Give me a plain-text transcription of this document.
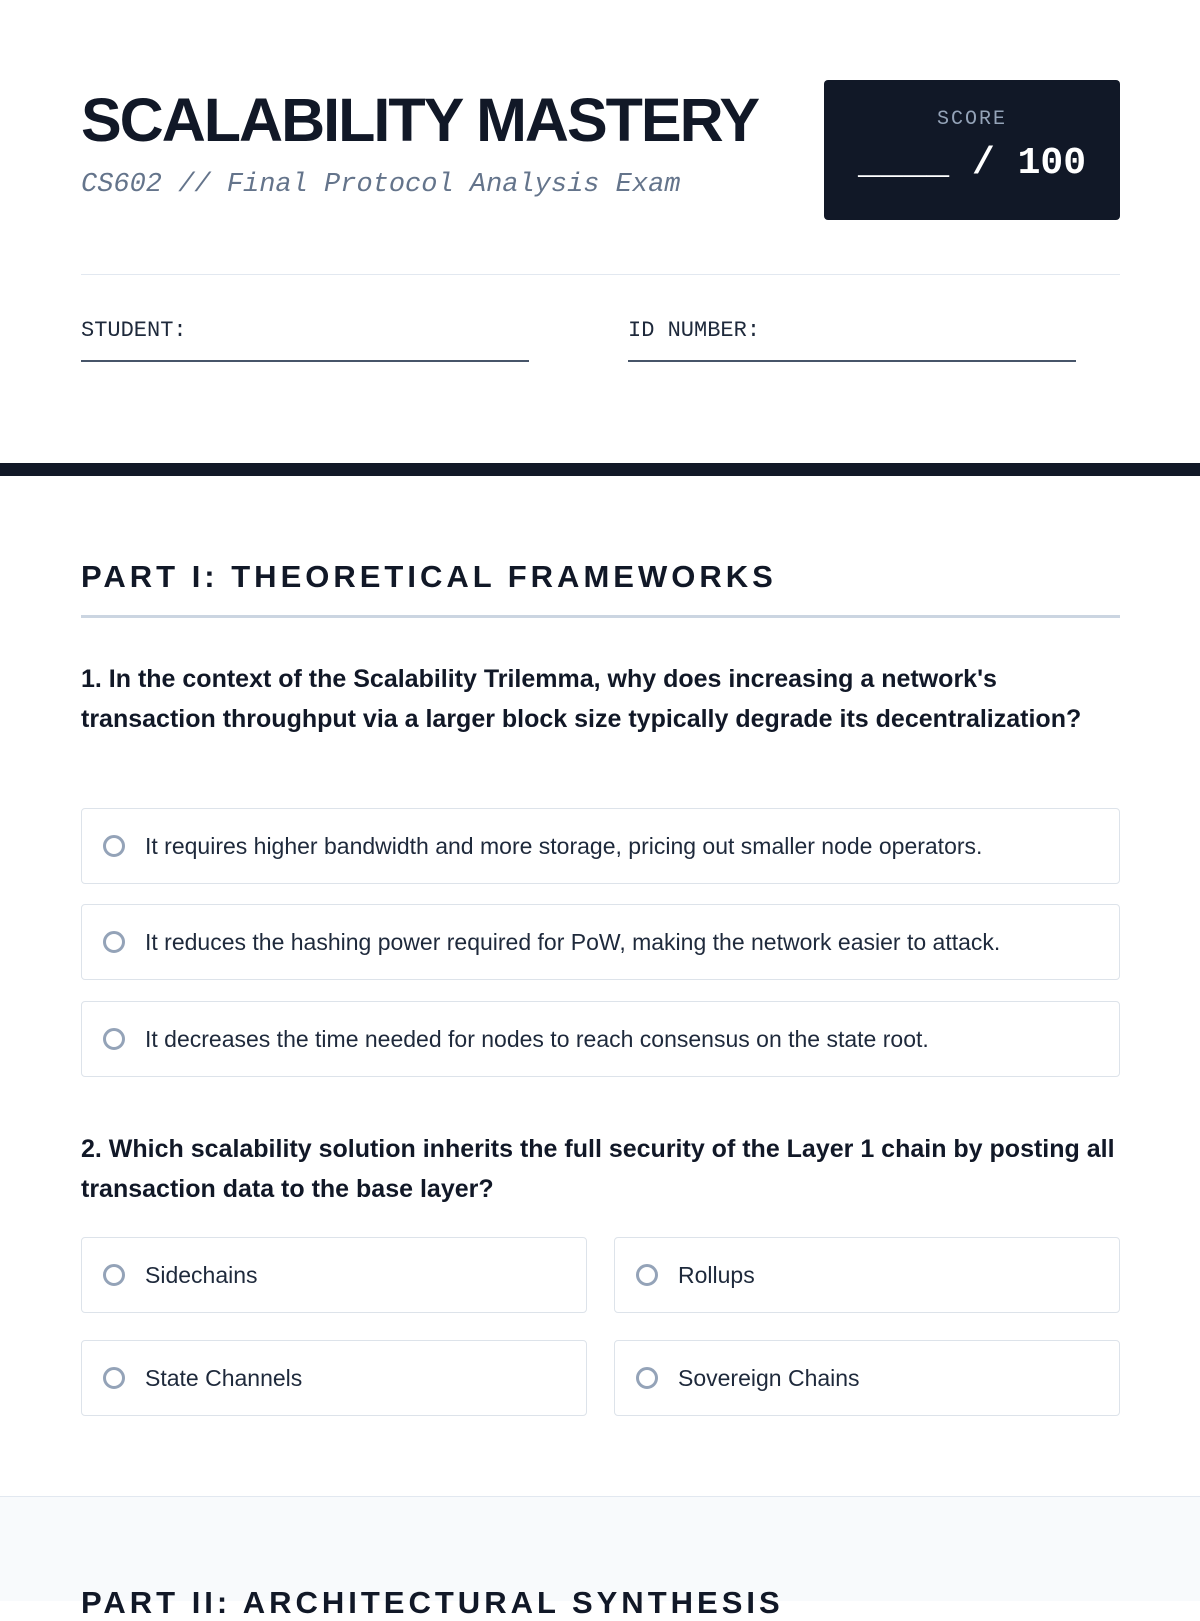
SCALABILITY MASTERY

CS602 // Final Protocol Analysis Exam

SCORE
____ / 100
STUDENT:	ID NUMBER:
PART I: THEORETICAL FRAMEWORKS

1. In the context of the Scalability Trilemma, why does increasing a network's transaction throughput via a larger block size typically degrade its decentralization?

It requires higher bandwidth and more storage, pricing out smaller node operators.
It reduces the hashing power required for PoW, making the network easier to attack.
It decreases the time needed for nodes to reach consensus on the state root.

2. Which scalability solution inherits the full security of the Layer 1 chain by posting all transaction data to the base layer?

Sidechains	Rollups
State Channels	Sovereign Chains
PART II: ARCHITECTURAL SYNTHESIS
